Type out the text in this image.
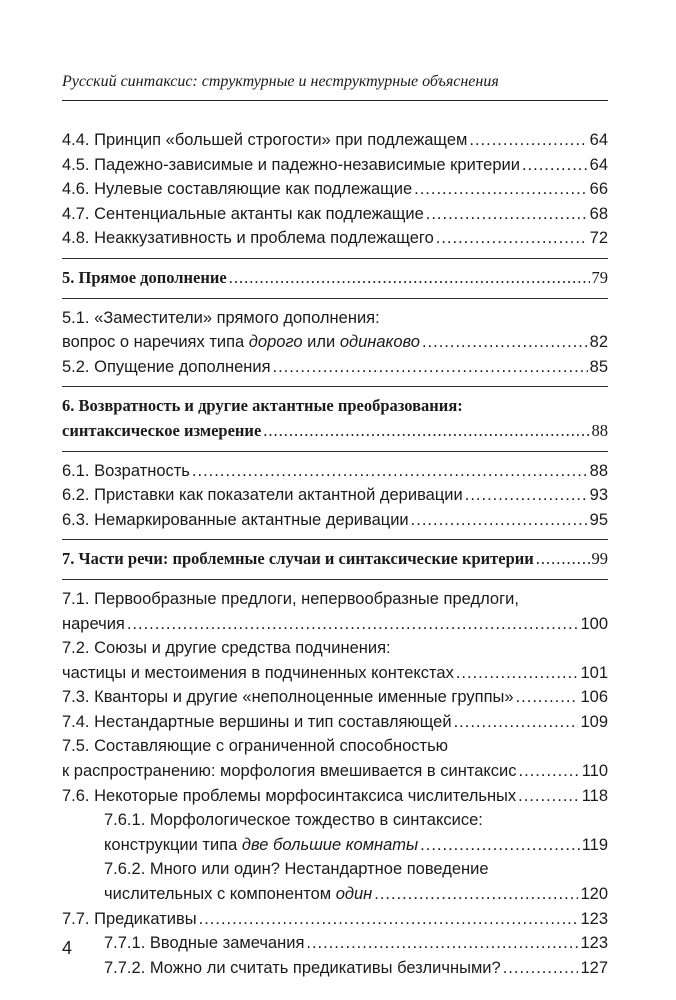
Русский синтаксис: структурные и неструктурные объяснения
4.4. Принцип «большей строгости» при подлежащем .....	64
4.5. Падежно-зависимые и падежно-независимые критерии .....	64
4.6. Нулевые составляющие как подлежащие .....	66
4.7. Сентенциальные актанты как подлежащие .....	68
4.8. Неаккузативность и проблема подлежащего .....	72
5. Прямое дополнение .....	79
5.1. «Заместители» прямого дополнения:
вопрос о наречиях типа дорого или одинаково .....	82
5.2. Опущение дополнения .....	85
6. Возвратность и другие актантные преобразования:
синтаксическое измерение .....	88
6.1. Возратность .....	88
6.2. Приставки как показатели актантной деривации .....	93
6.3. Немаркированные актантные деривации .....	95
7. Части речи: проблемные случаи и синтаксические критерии .....	99
7.1. Первообразные предлоги, непервообразные предлоги,
наречия .....	100
7.2. Союзы и другие средства подчинения:
частицы и местоимения в подчиненных контекстах .....	101
7.3. Кванторы и другие «неполноценные именные группы» .....	106
7.4. Нестандартные вершины и тип составляющей .....	109
7.5. Составляющие с ограниченной способностью
к распространению: морфология вмешивается в синтаксис .....	110
7.6. Некоторые проблемы морфосинтаксиса числительных .....	118
7.6.1. Морфологическое тождество в синтаксисе:
конструкции типа две большие комнаты .....	119
7.6.2. Много или один? Нестандартное поведение
числительных с компонентом один .....	120
7.7. Предикативы .....	123
7.7.1. Вводные замечания .....	123
7.7.2. Можно ли считать предикативы безличными? .....	127
4
